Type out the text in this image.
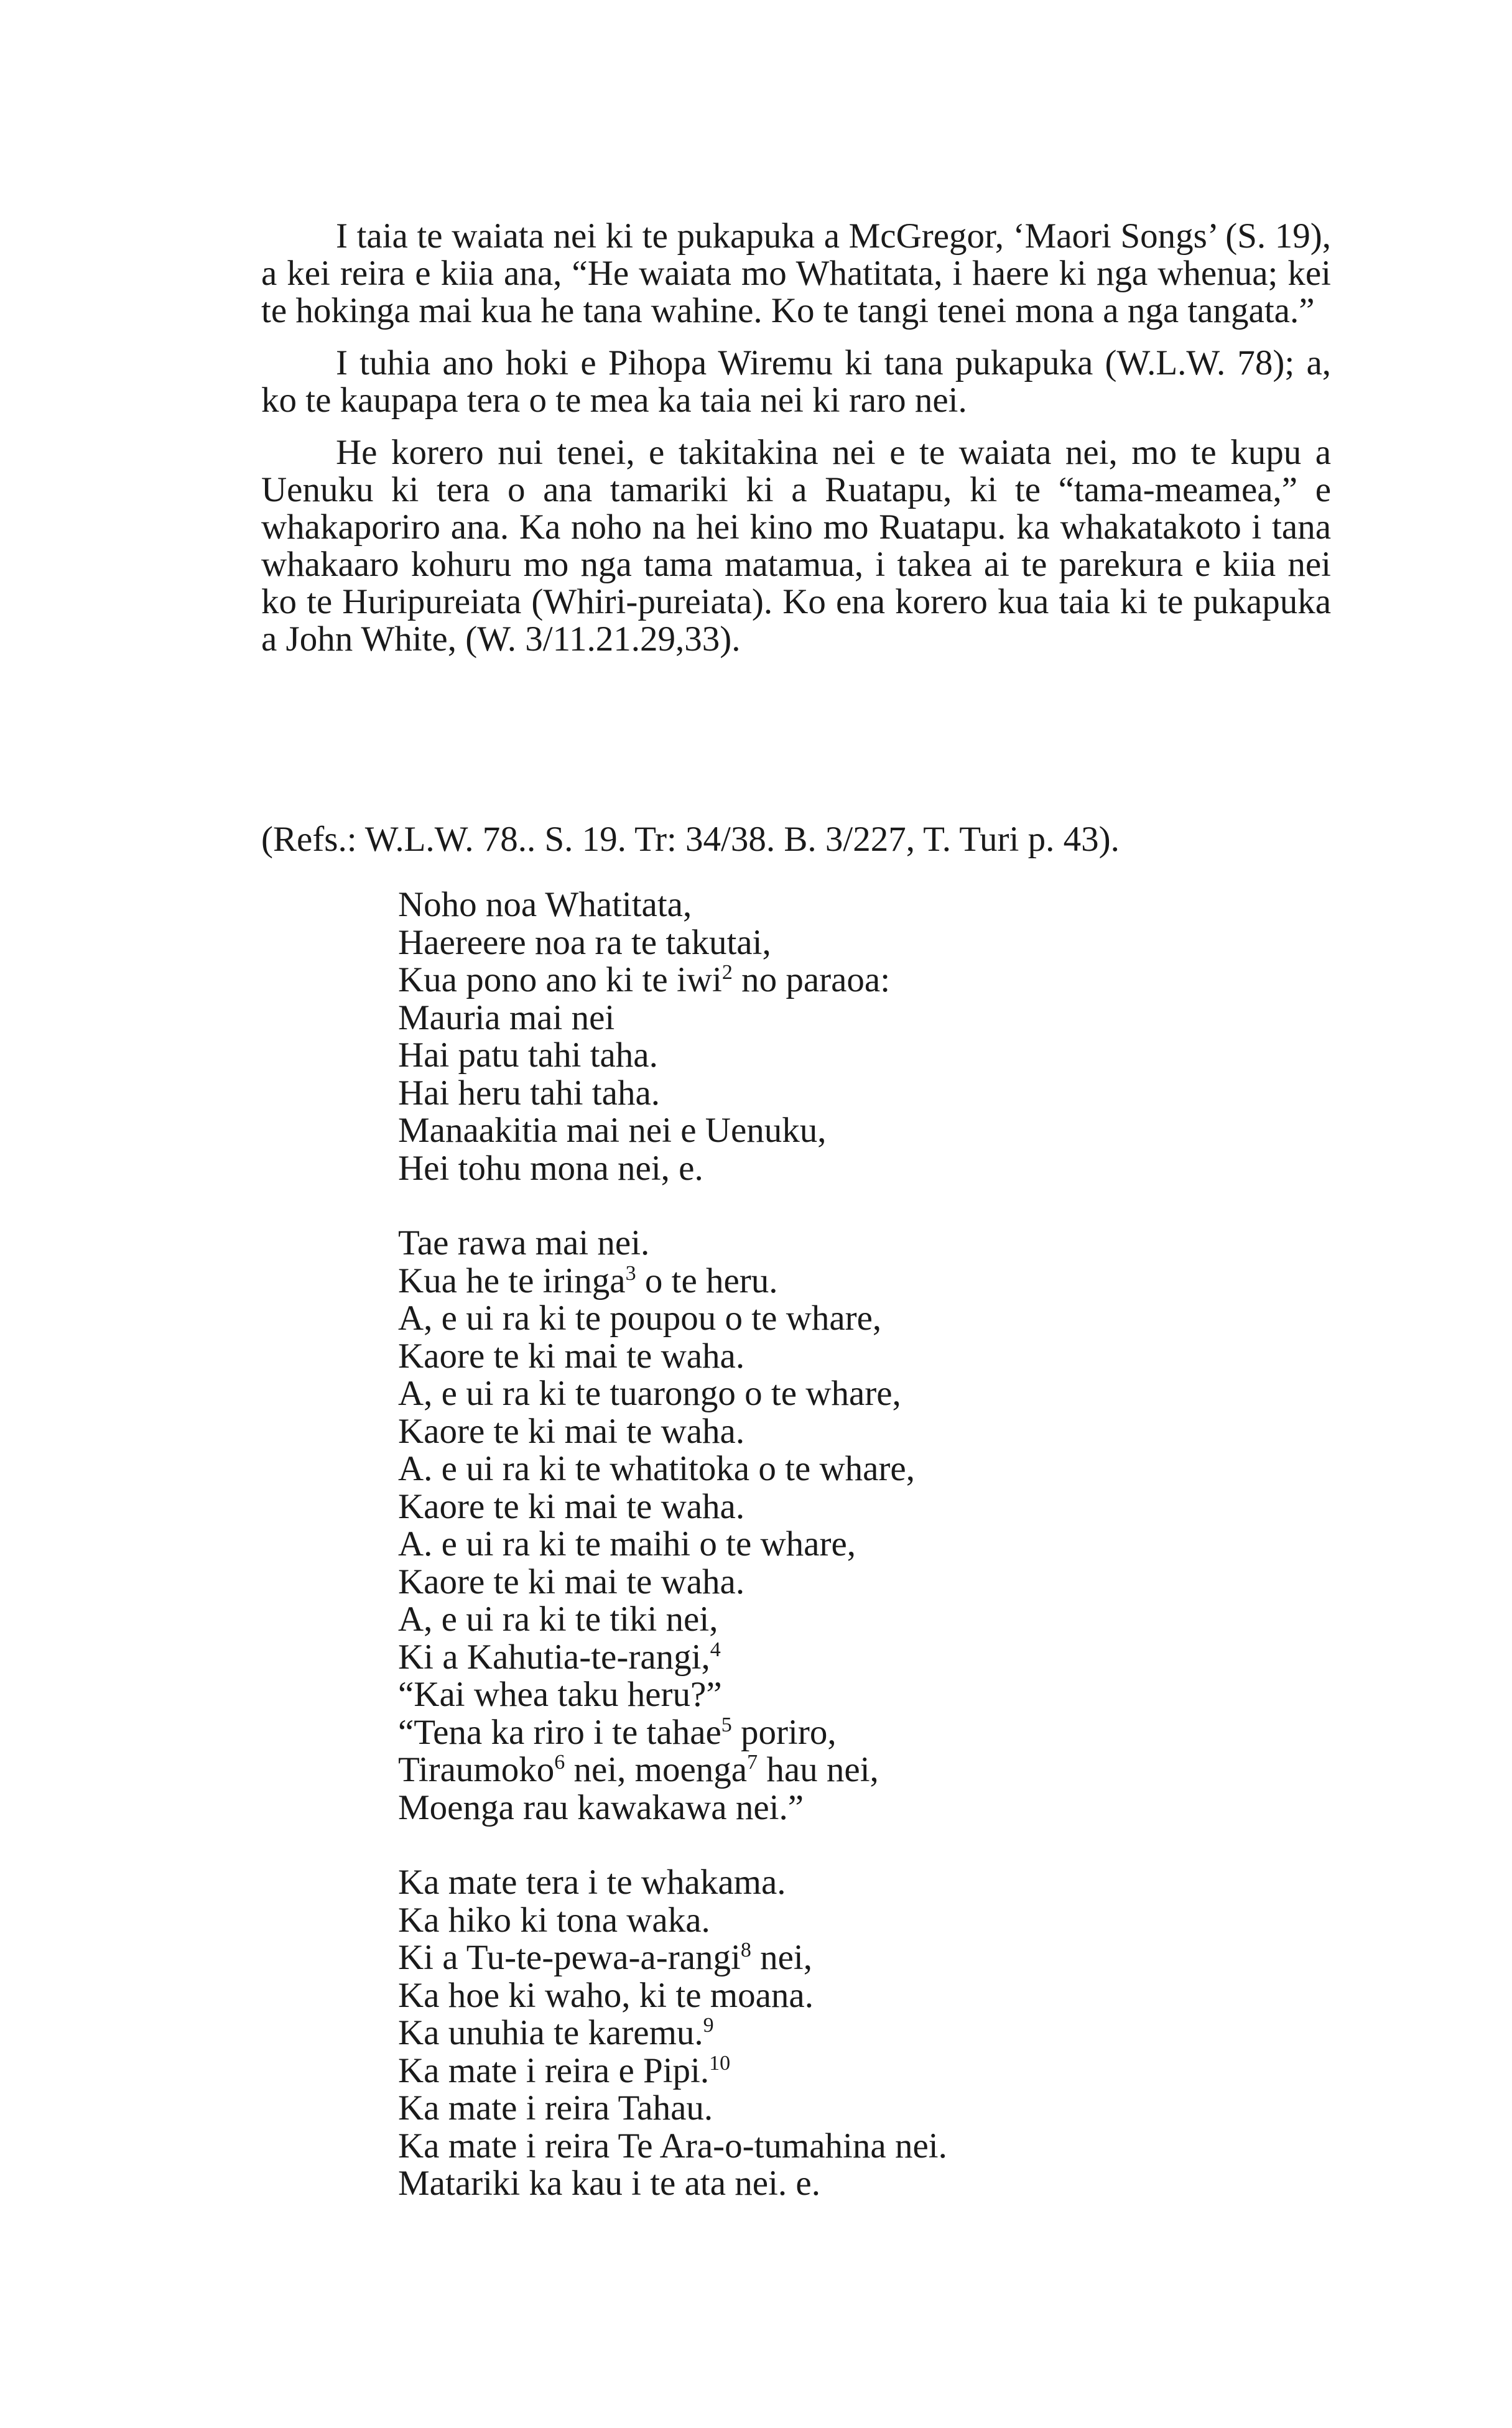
I taia te waiata nei ki te pukapuka a McGregor, ‘Maori Songs’ (S. 19), a kei reira e kiia ana, “He waiata mo Whatitata, i haere ki nga whenua; kei te hokinga mai kua he tana wahine. Ko te tangi tenei mona a nga tangata.”

I tuhia ano hoki e Pihopa Wiremu ki tana pukapuka (W.L.W. 78); a, ko te kaupapa tera o te mea ka taia nei ki raro nei.

He korero nui tenei, e takitakina nei e te waiata nei, mo te kupu a Uenuku ki tera o ana tamariki ki a Ruatapu, ki te “tama-meamea,” e whakaporiro ana. Ka noho na hei kino mo Ruatapu. ka whakatakoto i tana whakaaro kohuru mo nga tama matamua, i takea ai te parekura e kiia nei ko te Huripureiata (Whiri-pureiata). Ko ena korero kua taia ki te pukapuka a John White, (W. 3/11.21.29,33).

(Refs.: W.L.W. 78.. S. 19. Tr: 34/38. B. 3/227, T. Turi p. 43).
Noho noa Whatitata,
Haereere noa ra te takutai,
Kua pono ano ki te iwi$^2$ no paraoa:
Mauria mai nei
Hai patu tahi taha.
Hai heru tahi taha.
Manaakitia mai nei e Uenuku,
Hei tohu mona nei, e.
Tae rawa mai nei.
Kua he te iringa$^3$ o te heru.
A, e ui ra ki te poupou o te whare,
Kaore te ki mai te waha.
A, e ui ra ki te tuarongo o te whare,
Kaore te ki mai te waha.
A. e ui ra ki te whatitoka o te whare,
Kaore te ki mai te waha.
A. e ui ra ki te maihi o te whare,
Kaore te ki mai te waha.
A, e ui ra ki te tiki nei,
Ki a Kahutia-te-rangi,$^4$
“Kai whea taku heru?”
“Tena ka riro i te tahae$^5$ poriro,
Tiraumoko$^6$ nei, moenga$^7$ hau nei,
Moenga rau kawakawa nei.”
Ka mate tera i te whakama.
Ka hiko ki tona waka.
Ki a Tu-te-pewa-a-rangi$^8$ nei,
Ka hoe ki waho, ki te moana.
Ka unuhia te karemu.$^9$
Ka mate i reira e Pipi.$^{10}$
Ka mate i reira Tahau.
Ka mate i reira Te Ara-o-tumahina nei.
Matariki ka kau i te ata nei. e.
